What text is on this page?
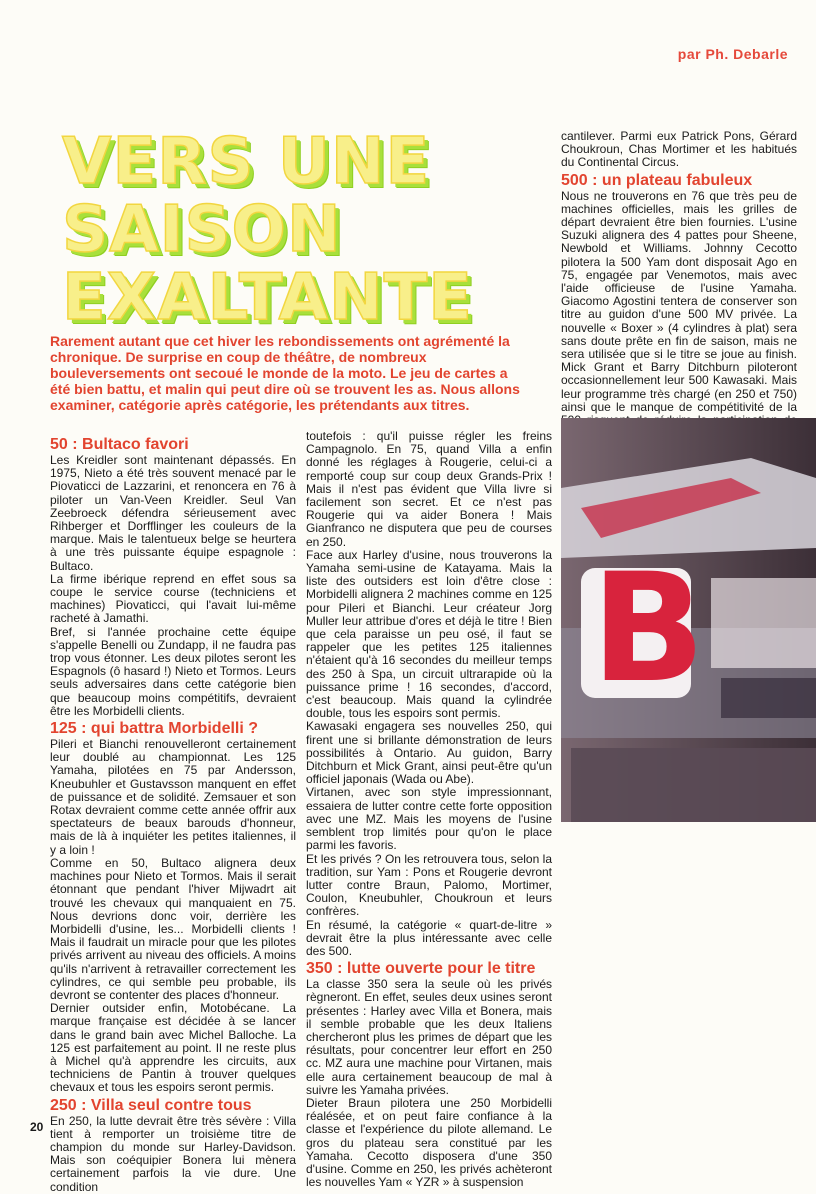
par Ph. Debarle
VERS UNE SAISON
EXALTANTE
Rarement autant que cet hiver les rebondissements ont agrémenté la chronique. De surprise en coup de théâtre, de nombreux bouleversements ont secoué le monde de la moto. Le jeu de cartes a été bien battu, et malin qui peut dire où se trouvent les as. Nous allons examiner, catégorie après catégorie, les prétendants aux titres.
50 : Bultaco favori

Les Kreidler sont maintenant dépassés. En 1975, Nieto a été très souvent menacé par le Piovaticci de Lazzarini, et renoncera en 76 à piloter un Van-Veen Kreidler. Seul Van Zeebroeck défendra sérieusement avec Rihberger et Dorfflinger les couleurs de la marque. Mais le talentueux belge se heurtera à une très puissante équipe espagnole : Bultaco.

La firme ibérique reprend en effet sous sa coupe le service course (techniciens et machines) Piovaticci, qui l'avait lui-même racheté à Jamathi.

Bref, si l'année prochaine cette équipe s'appelle Benelli ou Zundapp, il ne faudra pas trop vous étonner. Les deux pilotes seront les Espagnols (ô hasard !) Nieto et Tormos. Leurs seuls adversaires dans cette catégorie bien que beaucoup moins compétitifs, devraient être les Morbidelli clients.

125 : qui battra Morbidelli ?

Pileri et Bianchi renouvelleront certainement leur doublé au championnat. Les 125 Yamaha, pilotées en 75 par Andersson, Kneubuhler et Gustavsson manquent en effet de puissance et de solidité. Zemsauer et son Rotax devraient comme cette année offrir aux spectateurs de beaux barouds d'honneur, mais de là à inquiéter les petites italiennes, il y a loin !

Comme en 50, Bultaco alignera deux machines pour Nieto et Tormos. Mais il serait étonnant que pendant l'hiver Mijwadrt ait trouvé les chevaux qui manquaient en 75. Nous devrions donc voir, derrière les Morbidelli d'usine, les... Morbidelli clients ! Mais il faudrait un miracle pour que les pilotes privés arrivent au niveau des officiels. A moins qu'ils n'arrivent à retravailler correctement les cylindres, ce qui semble peu probable, ils devront se contenter des places d'honneur.

Dernier outsider enfin, Motobécane. La marque française est décidée à se lancer dans le grand bain avec Michel Balloche. La 125 est parfaitement au point. Il ne reste plus à Michel qu'à apprendre les circuits, aux techniciens de Pantin à trouver quelques chevaux et tous les espoirs seront permis.

250 : Villa seul contre tous

En 250, la lutte devrait être très sévère : Villa tient à remporter un troisième titre de champion du monde sur Harley-Davidson. Mais son coéquipier Bonera lui mènera certainement parfois la vie dure. Une condition

toutefois : qu'il puisse régler les freins Campagnolo. En 75, quand Villa a enfin donné les réglages à Rougerie, celui-ci a remporté coup sur coup deux Grands-Prix ! Mais il n'est pas évident que Villa livre si facilement son secret. Et ce n'est pas Rougerie qui va aider Bonera ! Mais Gianfranco ne disputera que peu de courses en 250.

Face aux Harley d'usine, nous trouverons la Yamaha semi-usine de Katayama. Mais la liste des outsiders est loin d'être close : Morbidelli alignera 2 machines comme en 125 pour Pileri et Bianchi. Leur créateur Jorg Muller leur attribue d'ores et déjà le titre ! Bien que cela paraisse un peu osé, il faut se rappeler que les petites 125 italiennes n'étaient qu'à 16 secondes du meilleur temps des 250 à Spa, un circuit ultrarapide où la puissance prime ! 16 secondes, d'accord, c'est beaucoup. Mais quand la cylindrée double, tous les espoirs sont permis.

Kawasaki engagera ses nouvelles 250, qui firent une si brillante démonstration de leurs possibilités à Ontario. Au guidon, Barry Ditchburn et Mick Grant, ainsi peut-être qu'un officiel japonais (Wada ou Abe).

Virtanen, avec son style impressionnant, essaiera de lutter contre cette forte opposition avec une MZ. Mais les moyens de l'usine semblent trop limités pour qu'on le place parmi les favoris.

Et les privés ? On les retrouvera tous, selon la tradition, sur Yam : Pons et Rougerie devront lutter contre Braun, Palomo, Mortimer, Coulon, Kneubuhler, Choukroun et leurs confrères.

En résumé, la catégorie « quart-de-litre » devrait être la plus intéressante avec celle des 500.

350 : lutte ouverte pour le titre

La classe 350 sera la seule où les privés règneront. En effet, seules deux usines seront présentes : Harley avec Villa et Bonera, mais il semble probable que les deux Italiens chercheront plus les primes de départ que les résultats, pour concentrer leur effort en 250 cc. MZ aura une machine pour Virtanen, mais elle aura certainement beaucoup de mal à suivre les Yamaha privées.

Dieter Braun pilotera une 250 Morbidelli réalésée, et on peut faire confiance à la classe et l'expérience du pilote allemand. Le gros du plateau sera constitué par les Yamaha. Cecotto disposera d'une 350 d'usine. Comme en 250, les privés achèteront les nouvelles Yam « YZR » à suspension

cantilever. Parmi eux Patrick Pons, Gérard Choukroun, Chas Mortimer et les habitués du Continental Circus.

500 : un plateau fabuleux

Nous ne trouverons en 76 que très peu de machines officielles, mais les grilles de départ devraient être bien fournies. L'usine Suzuki alignera des 4 pattes pour Sheene, Newbold et Williams. Johnny Cecotto pilotera la 500 Yam dont disposait Ago en 75, engagée par Venemotos, mais avec l'aide officieuse de l'usine Yamaha. Giacomo Agostini tentera de conserver son titre au guidon d'une 500 MV privée. La nouvelle « Boxer » (4 cylindres à plat) sera sans doute prête en fin de saison, mais ne sera utilisée que si le titre se joue au finish. Mick Grant et Barry Ditchburn piloteront occasionnellement leur 500 Kawasaki. Mais leur programme très chargé (en 250 et 750) ainsi que le manque de compétitivité de la

B
20
